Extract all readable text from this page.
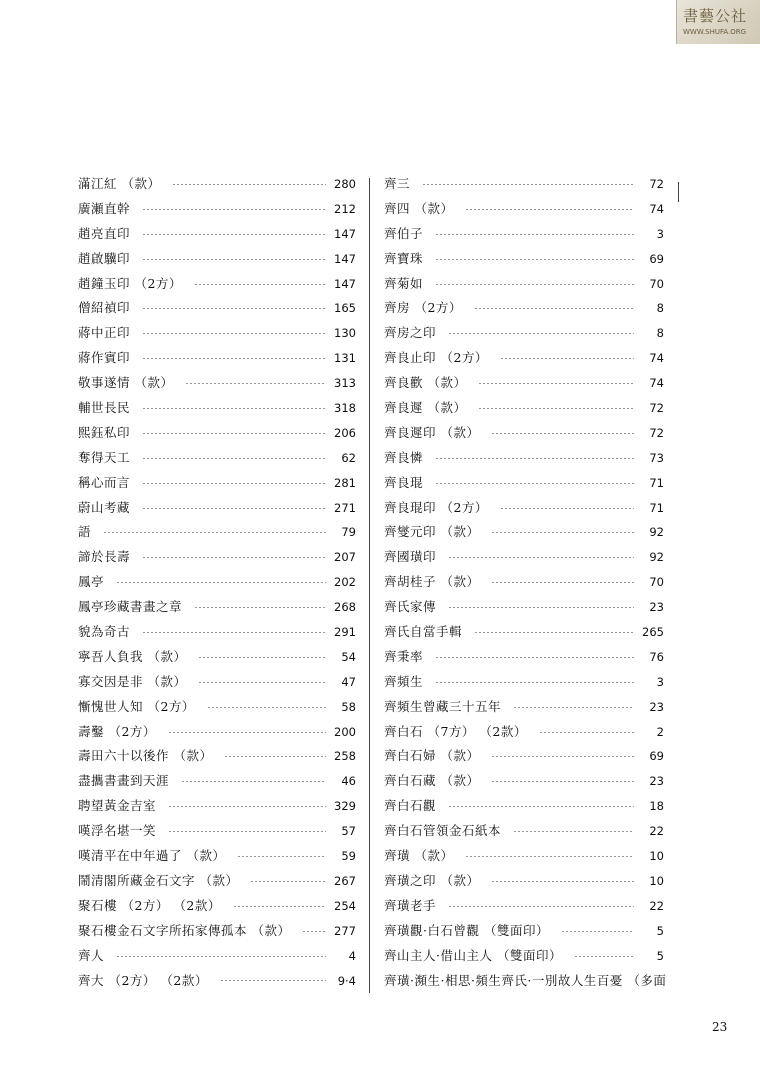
書藝公社
WWW.SHUFA.ORG
滿江紅 （款）	280
廣瀬直幹	212
趙亮直印	147
趙啟驥印	147
趙鐘玉印 （2方）	147
僧紹禎印	165
蔣中正印	130
蔣作賓印	131
敬事遂情 （款）	313
輔世長民	318
熙鈺私印	206
奪得天工	62
稱心而言	281
蔚山考藏	271
語	79
諦於長壽	207
鳳亭	202
鳳亭珍藏書畫之章	268
貌為奇古	291
寧吾人負我 （款）	54
寡交因是非 （款）	47
慚愧世人知 （2方）	58
壽鑿 （2方）	200
壽田六十以後作 （款）	258
盡攜書畫到天涯	46
聘望黃金吉室	329
嘆浮名堪一笑	57
嘆清平在中年過了 （款）	59
鬧清閣所藏金石文字 （款）	267
聚石樓 （2方） （2款）	254
聚石樓金石文字所拓家傳孤本 （款）	277
齊人	4
齊大 （2方） （2款）	9·4
齊三	72
齊四 （款）	74
齊伯子	3
齊寶珠	69
齊菊如	70
齊房 （2方）	8
齊房之印	8
齊良止印 （2方）	74
齊良歡 （款）	74
齊良遲 （款）	72
齊良遲印 （款）	72
齊良憐	73
齊良琨	71
齊良琨印 （2方）	71
齊燮元印 （款）	92
齊國璜印	92
齊胡桂子 （款）	70
齊氏家傳	23
齊氏自當手輯	265
齊秉率	76
齊頻生	3
齊頻生曾藏三十五年	23
齊白石 （7方） （2款）	2
齊白石婦 （款）	69
齊白石藏 （款）	23
齊白石觀	18
齊白石管領金石紙本	22
齊璜 （款）	10
齊璜之印 （款）	10
齊璜老手	22
齊璜觀·白石曾觀 （雙面印）	5
齊山主人·借山主人 （雙面印）	5
齊璜·瀕生·相思·頻生齊氏·一別故人生百憂 （多面
23
